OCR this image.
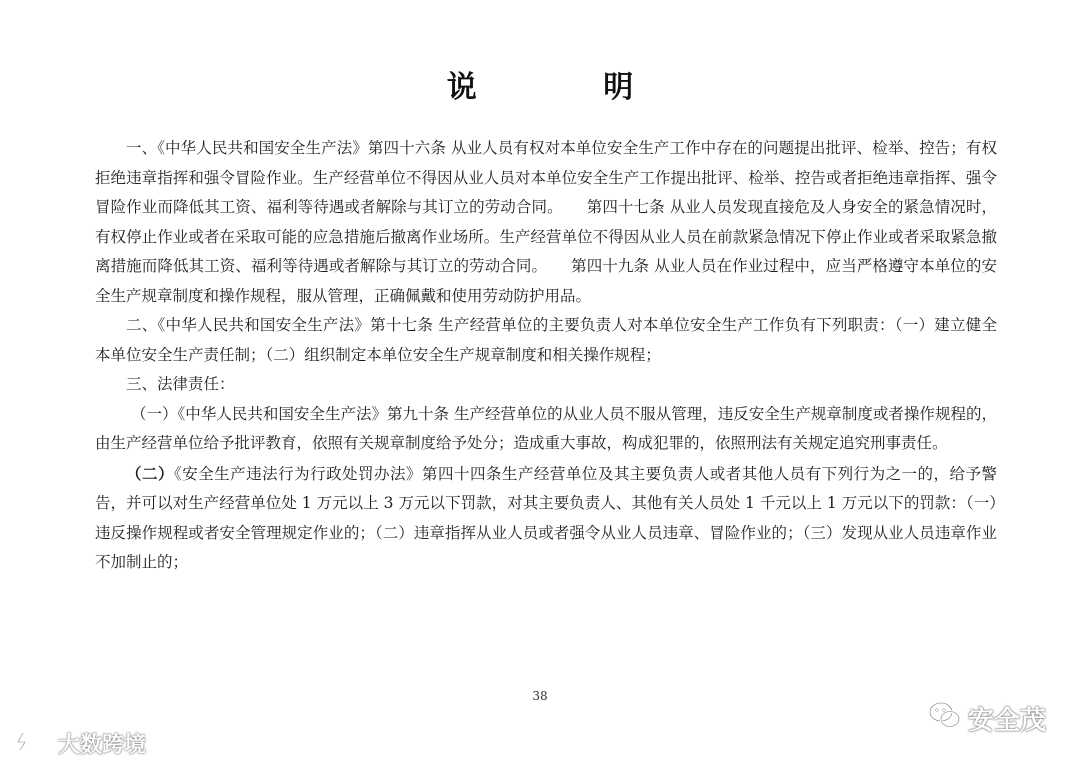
说 明

一、《中华人民共和国安全生产法》第四十六条 从业人员有权对本单位安全生产工作中存在的问题提出批评、检举、控告；有权拒绝违章指挥和强令冒险作业。生产经营单位不得因从业人员对本单位安全生产工作提出批评、检举、控告或者拒绝违章指挥、强令冒险作业而降低其工资、福利等待遇或者解除与其订立的劳动合同。 第四十七条 从业人员发现直接危及人身安全的紧急情况时，有权停止作业或者在采取可能的应急措施后撤离作业场所。生产经营单位不得因从业人员在前款紧急情况下停止作业或者采取紧急撤离措施而降低其工资、福利等待遇或者解除与其订立的劳动合同。 第四十九条 从业人员在作业过程中，应当严格遵守本单位的安全生产规章制度和操作规程，服从管理，正确佩戴和使用劳动防护用品。

二、《中华人民共和国安全生产法》第十七条 生产经营单位的主要负责人对本单位安全生产工作负有下列职责：（一）建立健全本单位安全生产责任制；（二）组织制定本单位安全生产规章制度和相关操作规程；

三、法律责任：

（一）《中华人民共和国安全生产法》第九十条 生产经营单位的从业人员不服从管理，违反安全生产规章制度或者操作规程的，由生产经营单位给予批评教育，依照有关规章制度给予处分；造成重大事故，构成犯罪的，依照刑法有关规定追究刑事责任。

（二）《安全生产违法行为行政处罚办法》第四十四条生产经营单位及其主要负责人或者其他人员有下列行为之一的，给予警告，并可以对生产经营单位处 1 万元以上 3 万元以下罚款，对其主要负责人、其他有关人员处 1 千元以上 1 万元以下的罚款：（一）违反操作规程或者安全管理规定作业的；（二）违章指挥从业人员或者强令从业人员违章、冒险作业的；（三）发现从业人员违章作业不加制止的；

38
大数跨境
安全茂
